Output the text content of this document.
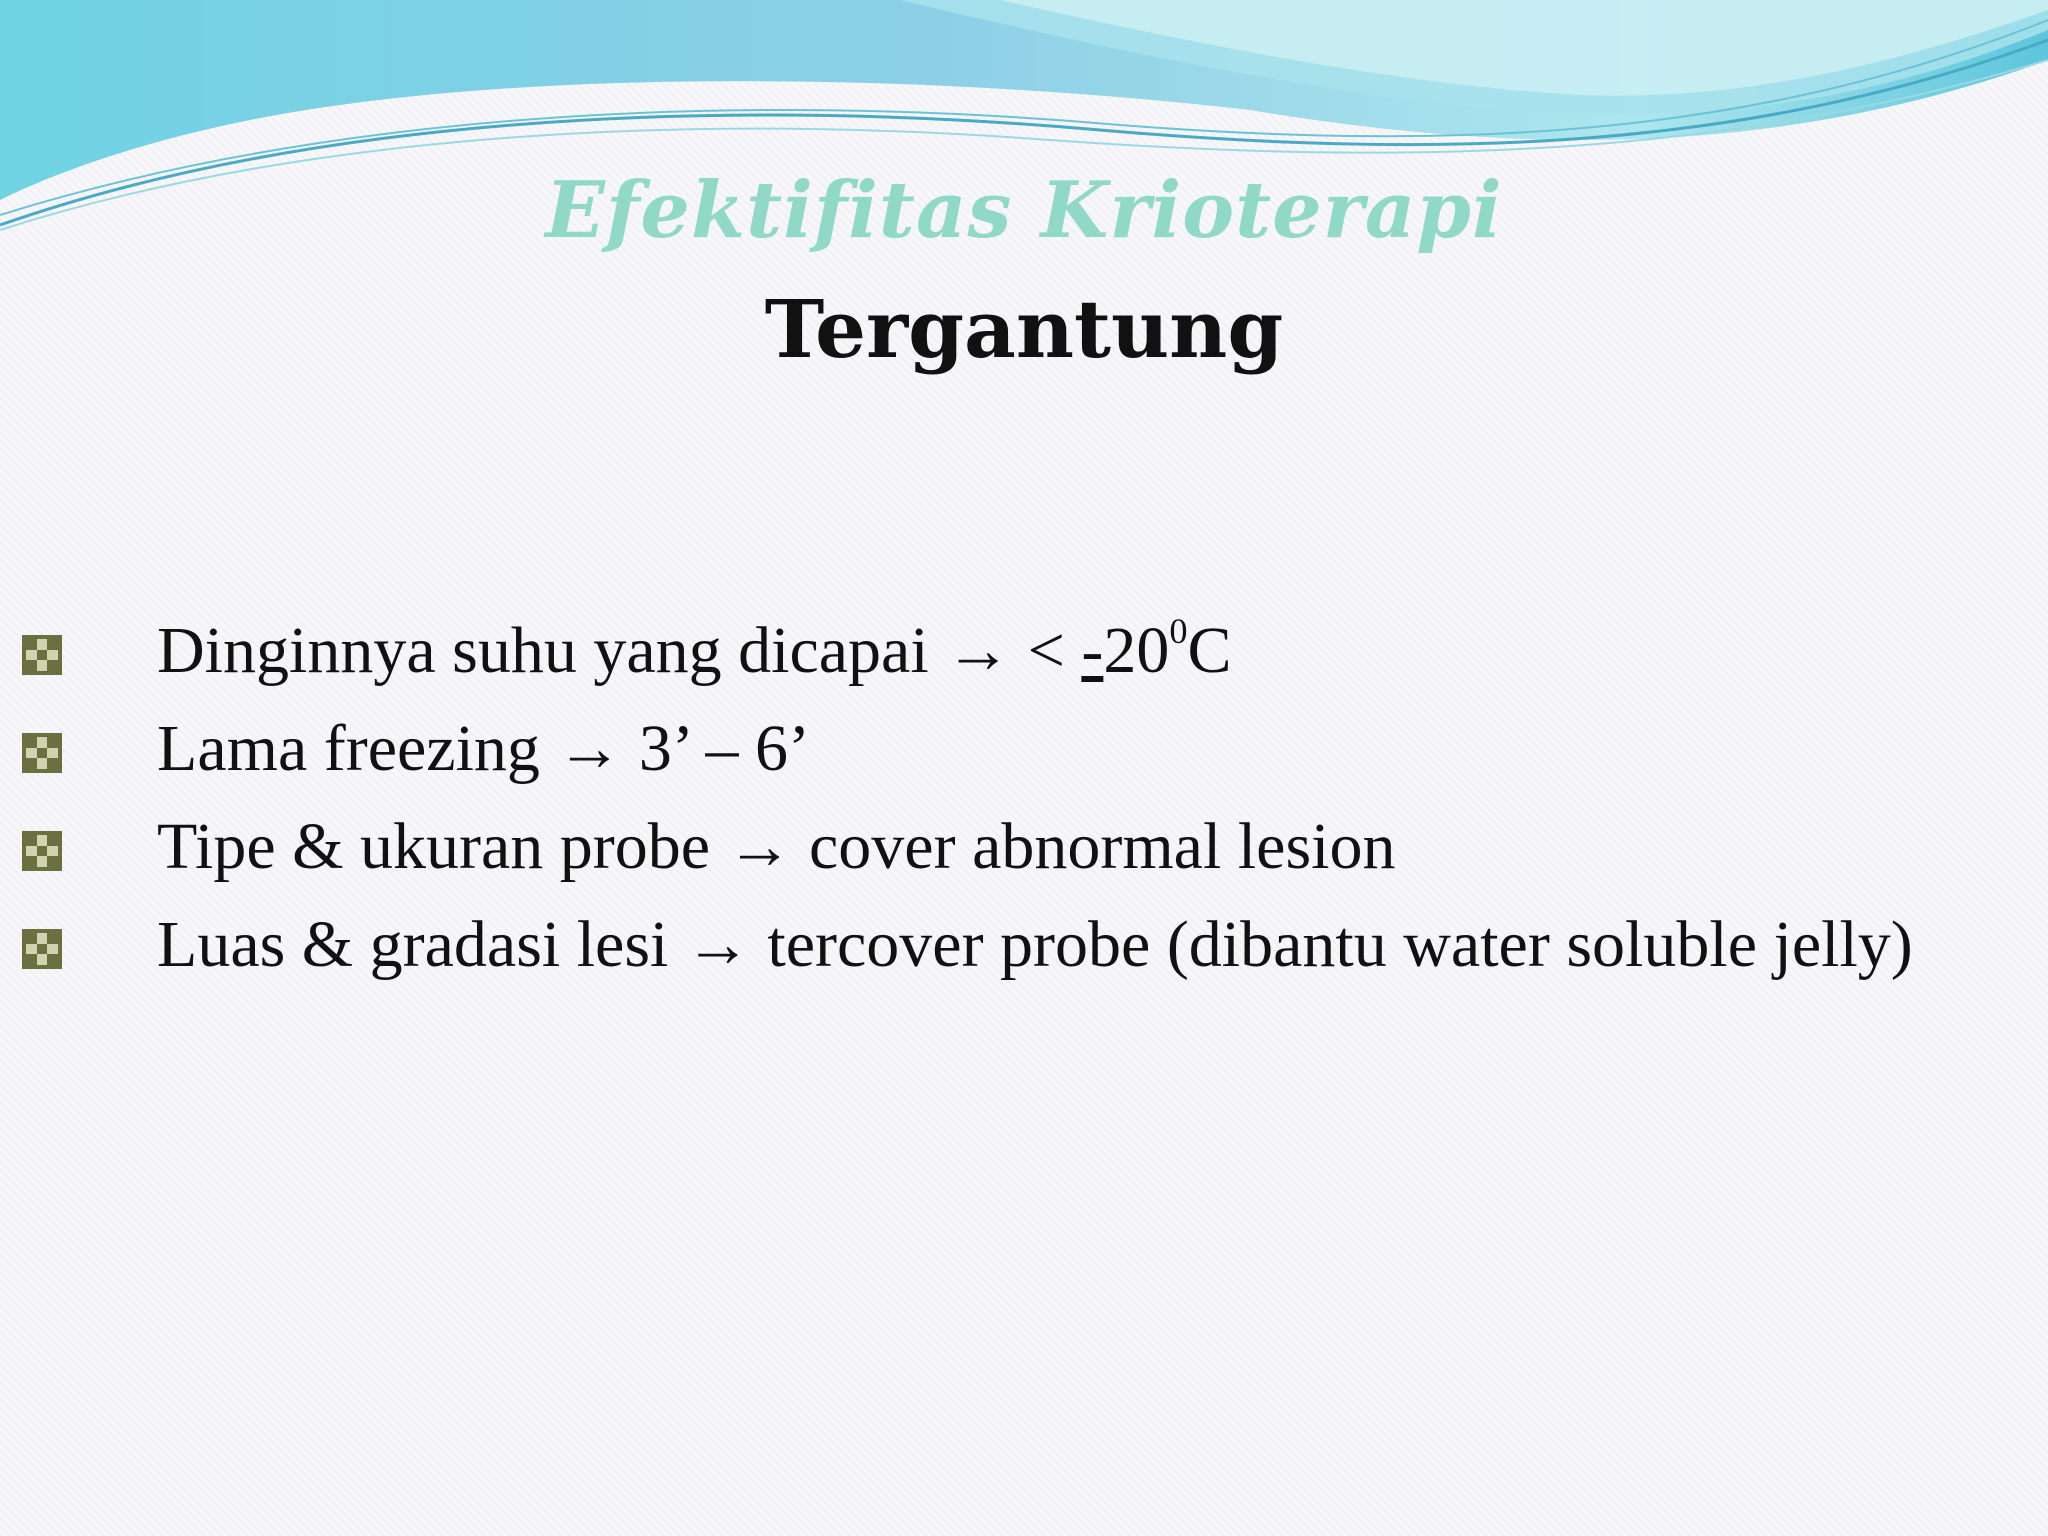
Efektifitas Krioterapi
Tergantung
Dinginnya suhu yang dicapai → < $-20^0C$
Lama freezing → 3’ – 6’
Tipe & ukuran probe → cover abnormal lesion
Luas & gradasi lesi → tercover probe (dibantu water soluble jelly)
